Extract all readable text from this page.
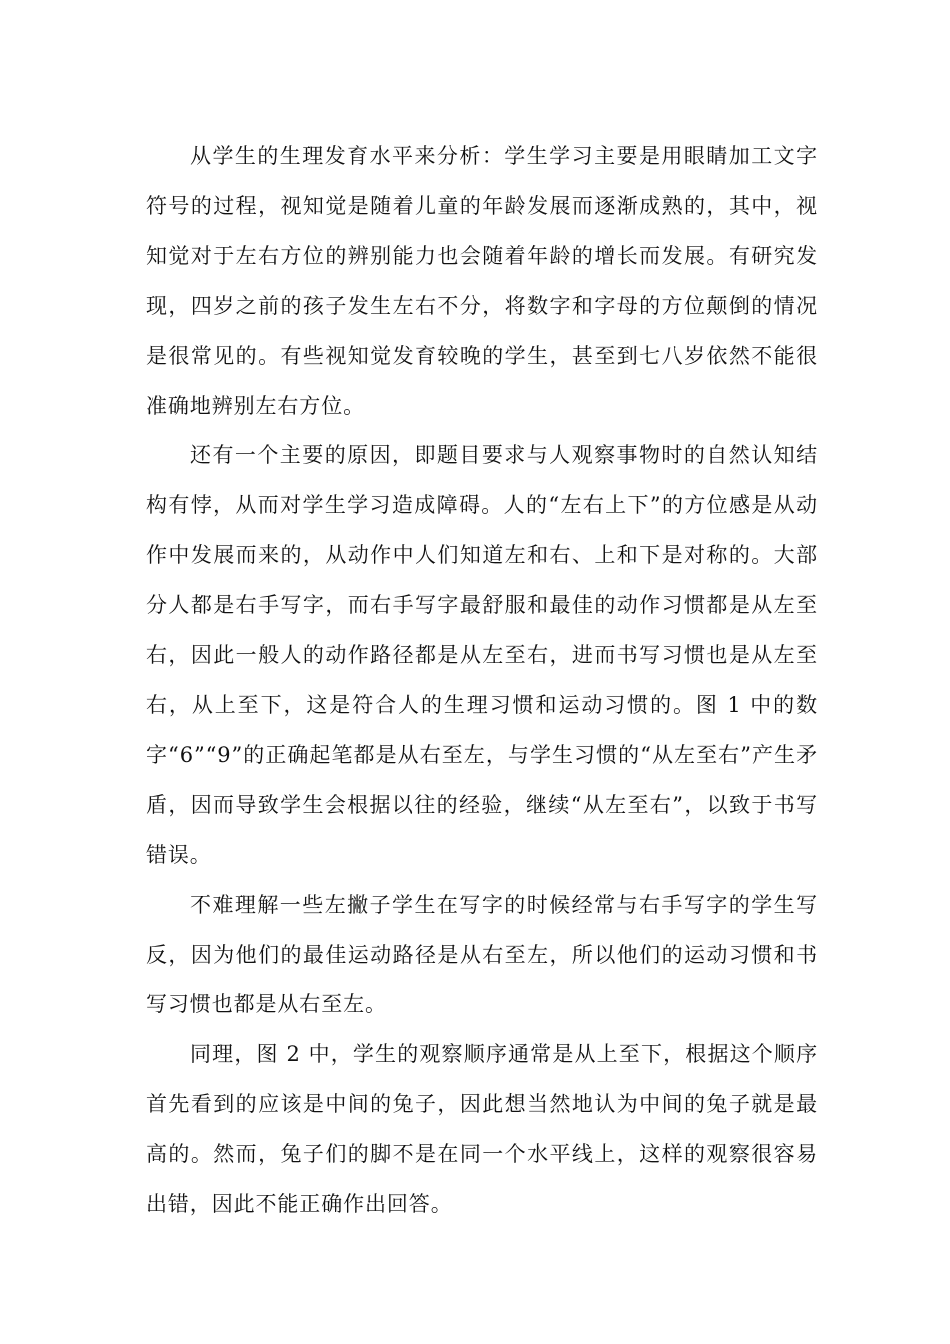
从学生的生理发育水平来分析：学生学习主要是用眼睛加工文字符号的过程，视知觉是随着儿童的年龄发展而逐渐成熟的，其中，视知觉对于左右方位的辨别能力也会随着年龄的增长而发展。有研究发现，四岁之前的孩子发生左右不分，将数字和字母的方位颠倒的情况是很常见的。有些视知觉发育较晚的学生，甚至到七八岁依然不能很准确地辨别左右方位。

还有一个主要的原因，即题目要求与人观察事物时的自然认知结构有悖，从而对学生学习造成障碍。人的“左右上下”的方位感是从动作中发展而来的，从动作中人们知道左和右、上和下是对称的。大部分人都是右手写字，而右手写字最舒服和最佳的动作习惯都是从左至右，因此一般人的动作路径都是从左至右，进而书写习惯也是从左至右，从上至下，这是符合人的生理习惯和运动习惯的。图 1 中的数字“6”“9”的正确起笔都是从右至左，与学生习惯的“从左至右”产生矛盾，因而导致学生会根据以往的经验，继续“从左至右”，以致于书写错误。

不难理解一些左撇子学生在写字的时候经常与右手写字的学生写反，因为他们的最佳运动路径是从右至左，所以他们的运动习惯和书写习惯也都是从右至左。

同理，图 2 中，学生的观察顺序通常是从上至下，根据这个顺序首先看到的应该是中间的兔子，因此想当然地认为中间的兔子就是最高的。然而，兔子们的脚不是在同一个水平线上，这样的观察很容易出错，因此不能正确作出回答。
